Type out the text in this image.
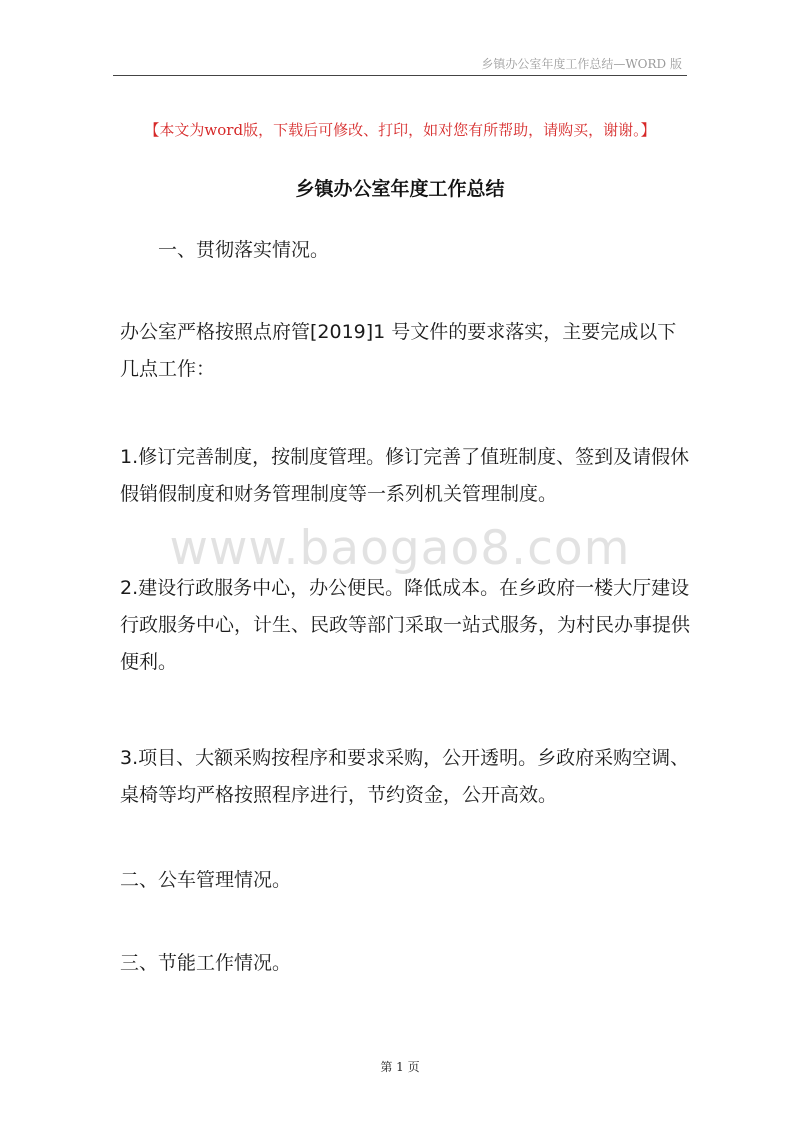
乡镇办公室年度工作总结—WORD 版
【本文为word版，下载后可修改、打印，如对您有所帮助，请购买，谢谢。】
乡镇办公室年度工作总结

一、贯彻落实情况。

办公室严格按照点府管[2019]1 号文件的要求落实，主要完成以下几点工作：

1.修订完善制度，按制度管理。修订完善了值班制度、签到及请假休假销假制度和财务管理制度等一系列机关管理制度。

www.baogao8.com

2.建设行政服务中心，办公便民。降低成本。在乡政府一楼大厅建设行政服务中心，计生、民政等部门采取一站式服务，为村民办事提供便利。

3.项目、大额采购按程序和要求采购，公开透明。乡政府采购空调、桌椅等均严格按照程序进行，节约资金，公开高效。

二、公车管理情况。

三、节能工作情况。

第 1 页
